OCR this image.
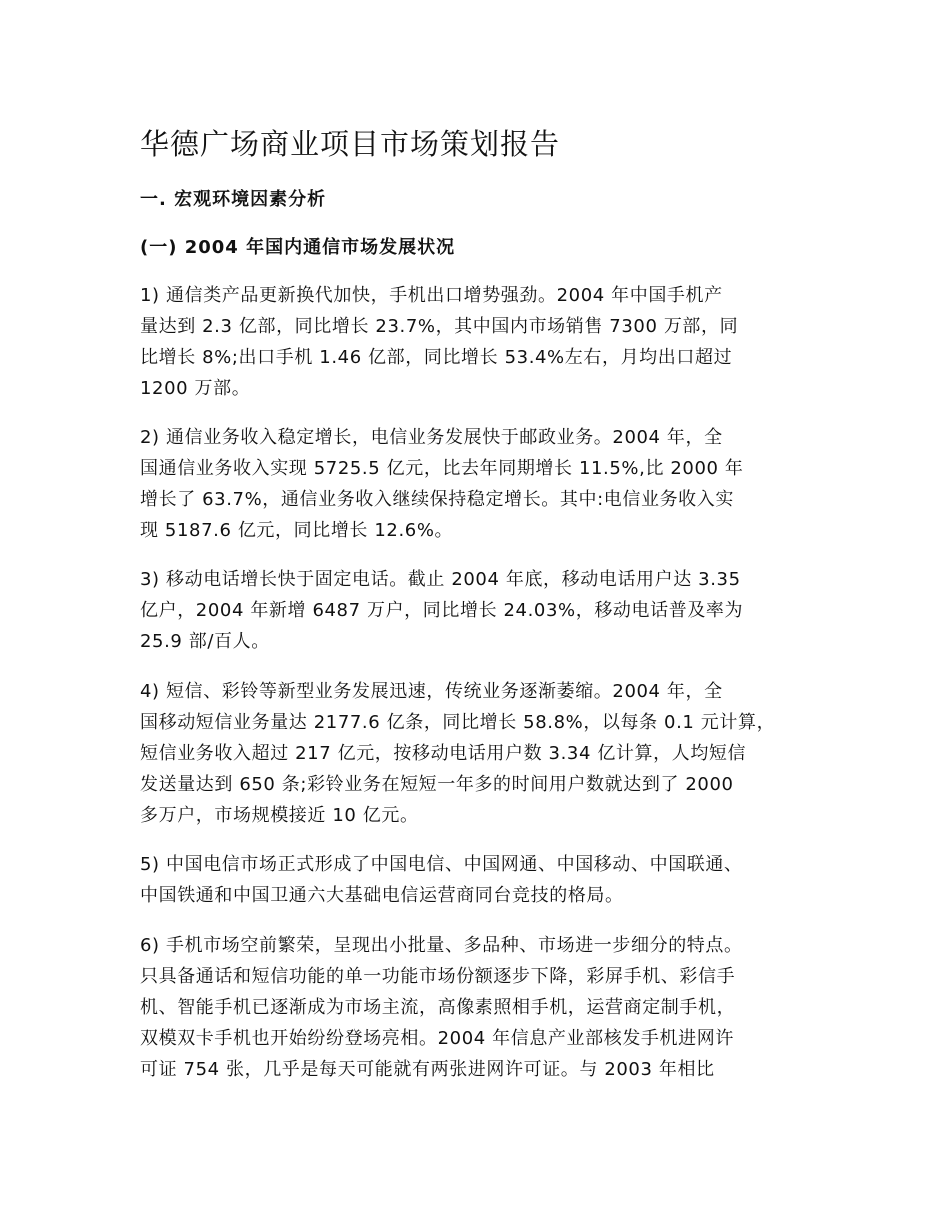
华德广场商业项目市场策划报告
一. 宏观环境因素分析
(一) 2004 年国内通信市场发展状况
1) 通信类产品更新换代加快，手机出口增势强劲。2004 年中国手机产
量达到 2.3 亿部，同比增长 23.7%，其中国内市场销售 7300 万部，同
比增长 8%;出口手机 1.46 亿部，同比增长 53.4%左右，月均出口超过
1200 万部。
2) 通信业务收入稳定增长，电信业务发展快于邮政业务。2004 年，全
国通信业务收入实现 5725.5 亿元，比去年同期增长 11.5%,比 2000 年
增长了 63.7%，通信业务收入继续保持稳定增长。其中:电信业务收入实
现 5187.6 亿元，同比增长 12.6%。
3) 移动电话增长快于固定电话。截止 2004 年底，移动电话用户达 3.35
亿户，2004 年新增 6487 万户，同比增长 24.03%，移动电话普及率为
25.9 部/百人。
4) 短信、彩铃等新型业务发展迅速，传统业务逐渐萎缩。2004 年，全
国移动短信业务量达 2177.6 亿条，同比增长 58.8%，以每条 0.1 元计算，
短信业务收入超过 217 亿元，按移动电话用户数 3.34 亿计算，人均短信
发送量达到 650 条;彩铃业务在短短一年多的时间用户数就达到了 2000
多万户，市场规模接近 10 亿元。
5) 中国电信市场正式形成了中国电信、中国网通、中国移动、中国联通、
中国铁通和中国卫通六大基础电信运营商同台竞技的格局。
6) 手机市场空前繁荣，呈现出小批量、多品种、市场进一步细分的特点。
只具备通话和短信功能的单一功能市场份额逐步下降，彩屏手机、彩信手
机、智能手机已逐渐成为市场主流，高像素照相手机，运营商定制手机，
双模双卡手机也开始纷纷登场亮相。2004 年信息产业部核发手机进网许
可证 754 张，几乎是每天可能就有两张进网许可证。与 2003 年相比
